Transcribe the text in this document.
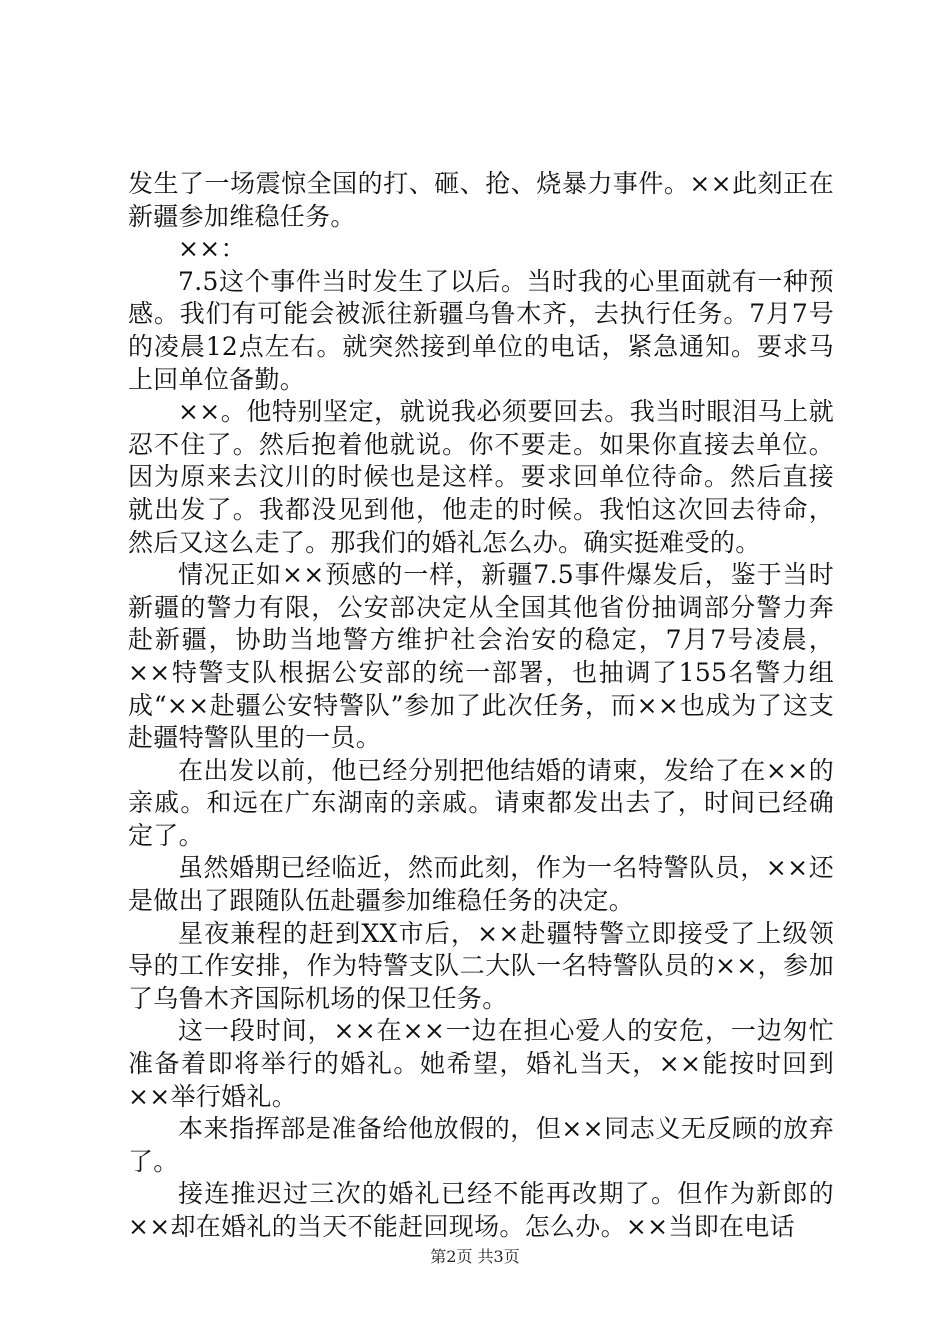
发生了一场震惊全国的打、砸、抢、烧暴力事件。××此刻正在新疆参加维稳任务。

××：

7.5这个事件当时发生了以后。当时我的心里面就有一种预感。我们有可能会被派往新疆乌鲁木齐，去执行任务。7月7号的凌晨12点左右。就突然接到单位的电话，紧急通知。要求马上回单位备勤。

××。他特别坚定，就说我必须要回去。我当时眼泪马上就忍不住了。然后抱着他就说。你不要走。如果你直接去单位。因为原来去汶川的时候也是这样。要求回单位待命。然后直接就出发了。我都没见到他，他走的时候。我怕这次回去待命，然后又这么走了。那我们的婚礼怎么办。确实挺难受的。

情况正如××预感的一样，新疆7.5事件爆发后，鉴于当时新疆的警力有限，公安部决定从全国其他省份抽调部分警力奔赴新疆，协助当地警方维护社会治安的稳定，7月7号凌晨，××特警支队根据公安部的统一部署，也抽调了155名警力组成“××赴疆公安特警队”参加了此次任务，而××也成为了这支赴疆特警队里的一员。

在出发以前，他已经分别把他结婚的请柬，发给了在××的亲戚。和远在广东湖南的亲戚。请柬都发出去了，时间已经确定了。

虽然婚期已经临近，然而此刻，作为一名特警队员，××还是做出了跟随队伍赴疆参加维稳任务的决定。

星夜兼程的赶到XX市后，××赴疆特警立即接受了上级领导的工作安排，作为特警支队二大队一名特警队员的××，参加了乌鲁木齐国际机场的保卫任务。

这一段时间，××在××一边在担心爱人的安危，一边匆忙准备着即将举行的婚礼。她希望，婚礼当天，××能按时回到××举行婚礼。

本来指挥部是准备给他放假的，但××同志义无反顾的放弃了。

接连推迟过三次的婚礼已经不能再改期了。但作为新郎的××却在婚礼的当天不能赶回现场。怎么办。××当即在电话

第2页 共3页
